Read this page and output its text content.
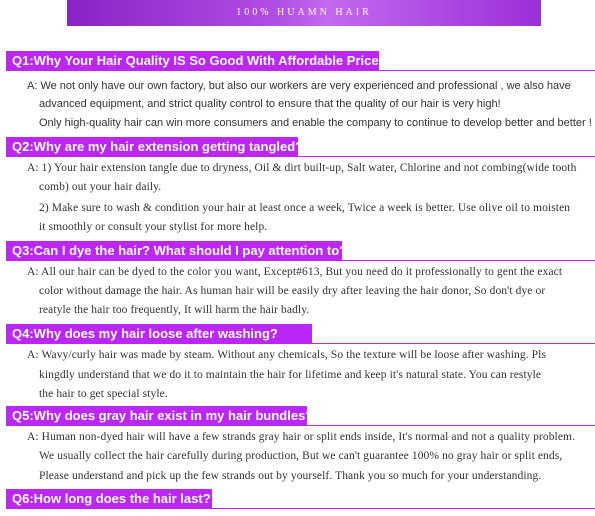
100% HUAMN HAIR
Q1:Why Your Hair Quality IS So Good With Affordable Price?
A: We not only have our own factory, but also our workers are very experienced and professional , we also have
advanced equipment, and strict quality control to ensure that the quality of our hair is very high!
Only high-quality hair can win more consumers and enable the company to continue to develop better and better !
Q2:Why are my hair extension getting tangled?
A: 1) Your hair extension tangle due to dryness, Oil & dirt built-up, Salt water, Chlorine and not combing(wide tooth
comb) out your hair daily.
2) Make sure to wash & condition your hair at least once a week, Twice a week is better. Use olive oil to moisten
it smoothly or consult your stylist for more help.
Q3:Can I dye the hair? What should I pay attention to?
A: All our hair can be dyed to the color you want, Except#613, But you need do it professionally to gent the exact
color without damage the hair. As human hair will be easily dry after leaving the hair donor, So don't dye or
reatyle the hair too frequently, It will harm the hair badly.
Q4:Why does my hair loose after washing?
A: Wavy/curly hair was made by steam. Without any chemicals, So the texture will be loose after washing. Pls
kingdly understand that we do it to maintain the hair for lifetime and keep it's natural state. You can restyle
the hair to get special style.
Q5:Why does gray hair exist in my hair bundles?
A: Human non-dyed hair will have a few strands gray hair or split ends inside, It's normal and not a quality problem.
We usually collect the hair carefully during production, But we can't guarantee 100% no gray hair or split ends,
Please understand and pick up the few strands out by yourself. Thank you so much for your understanding.
Q6:How long does the hair last?
